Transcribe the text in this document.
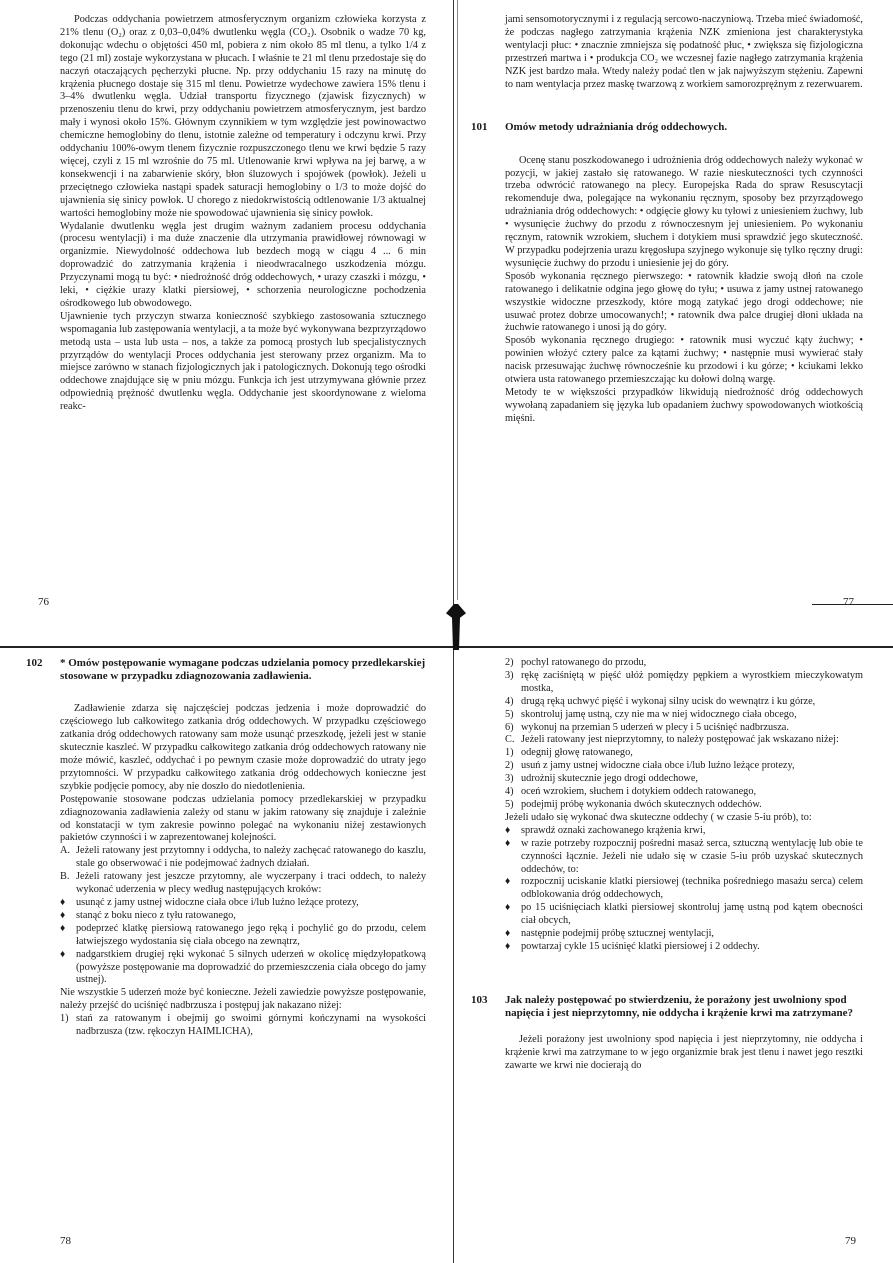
Podczas oddychania powietrzem atmosferycznym organizm człowieka korzysta z 21% tlenu (O₂) oraz z 0,03–0,04% dwutlenku węgla (CO₂). Osobnik o wadze 70 kg, dokonując wdechu o objętości 450 ml, pobiera z nim około 85 ml tlenu, a tylko 1/4 z tego (21 ml) zostaje wykorzystana w płucach. I właśnie te 21 ml tlenu przedostaje się do naczyń otaczających pęcherzyki płucne. Np. przy oddychaniu 15 razy na minutę do krążenia płucnego dostaje się 315 ml tlenu. Powietrze wydechowe zawiera 15% tlenu i 3–4% dwutlenku węgla. Udział transportu fizycznego (zjawisk fizycznych) w przenoszeniu tlenu do krwi, przy oddychaniu powietrzem atmosferycznym, jest bardzo mały i wynosi około 15%. Głównym czynnikiem w tym względzie jest powinowactwo chemiczne hemoglobiny do tlenu, istotnie zależne od temperatury i odczynu krwi. Przy oddychaniu 100%-owym tlenem fizycznie rozpuszczonego tlenu we krwi będzie 5 razy więcej, czyli z 15 ml wzrośnie do 75 ml. Utlenowanie krwi wpływa na jej barwę, a w konsekwencji i na zabarwienie skóry, błon śluzowych i spojówek (powłok). Jeżeli u przeciętnego człowieka nastąpi spadek saturacji hemoglobiny o 1/3 to może dojść do ujawnienia się sinicy powłok. U chorego z niedokrwistością odtlenowanie 1/3 aktualnej wartości hemoglobiny może nie spowodować ujawnienia się sinicy powłok.

Wydalanie dwutlenku węgla jest drugim ważnym zadaniem procesu oddychania (procesu wentylacji) i ma duże znaczenie dla utrzymania prawidłowej równowagi w organizmie. Niewydolność oddechowa lub bezdech mogą w ciągu 4 ... 6 min doprowadzić do zatrzymania krążenia i nieodwracalnego uszkodzenia mózgu. Przyczynami mogą tu być: • niedrożność dróg oddechowych, • urazy czaszki i mózgu, • leki, • ciężkie urazy klatki piersiowej, • schorzenia neurologiczne pochodzenia ośrodkowego lub obwodowego.

Ujawnienie tych przyczyn stwarza konieczność szybkiego zastosowania sztucznego wspomagania lub zastępowania wentylacji, a ta może być wykonywana bezprzyrządowo metodą usta – usta lub usta – nos, a także za pomocą prostych lub specjalistycznych przyrządów do wentylacji Proces oddychania jest sterowany przez organizm. Ma to miejsce zarówno w stanach fizjologicznych jak i patologicznych. Dokonują tego ośrodki oddechowe znajdujące się w pniu mózgu. Funkcja ich jest utrzymywana głównie przez odpowiednią prężność dwutlenku węgla. Oddychanie jest skoordynowane z wieloma reakc-

jami sensomotorycznymi i z regulacją sercowo-naczyniową. Trzeba mieć świadomość, że podczas nagłego zatrzymania krążenia NZK zmieniona jest charakterystyka wentylacji płuc: • znacznie zmniejsza się podatność płuc, • zwiększa się fizjologiczna przestrzeń martwa i • produkcja CO₂ we wczesnej fazie nagłego zatrzymania krążenia NZK jest bardzo mała. Wtedy należy podać tlen w jak najwyższym stężeniu. Zapewni to nam wentylacja przez maskę twarzową z workiem samorozprężnym z rezerwuarem.

101 Omów metody udrażniania dróg oddechowych.

Ocenę stanu poszkodowanego i udrożnienia dróg oddechowych należy wykonać w pozycji, w jakiej zastało się ratowanego. W razie nieskuteczności tych czynności trzeba odwrócić ratowanego na plecy. Europejska Rada do spraw Resuscytacji rekomenduje dwa, polegające na wykonaniu ręcznym, sposoby bez przyrządowego udrażniania dróg oddechowych: • odgięcie głowy ku tyłowi z uniesieniem żuchwy, lub • wysunięcie żuchwy do przodu z równoczesnym jej uniesieniem. Po wykonaniu ręcznym, ratownik wzrokiem, słuchem i dotykiem musi sprawdzić jego skuteczność. W przypadku podejrzenia urazu kręgosłupa szyjnego wykonuje się tylko ręczny drugi: wysunięcie żuchwy do przodu i uniesienie jej do góry.

Sposób wykonania ręcznego pierwszego: • ratownik kładzie swoją dłoń na czole ratowanego i delikatnie odgina jego głowę do tyłu; • usuwa z jamy ustnej ratowanego wszystkie widoczne przeszkody, które mogą zatykać jego drogi oddechowe; nie usuwać protez dobrze umocowanych!; • ratownik dwa palce drugiej dłoni układa na żuchwie ratowanego i unosi ją do góry.

Sposób wykonania ręcznego drugiego: • ratownik musi wyczuć kąty żuchwy; • powinien włożyć cztery palce za kątami żuchwy; • następnie musi wywierać stały nacisk przesuwając żuchwę równocześnie ku przodowi i ku górze; • kciukami lekko otwiera usta ratowanego przemieszczając ku dołowi dolną wargę.

Metody te w większości przypadków likwidują niedrożność dróg oddechowych wywołaną zapadaniem się języka lub opadaniem żuchwy spowodowanych wiotkością mięśni.

102 * Omów postępowanie wymagane podczas udzielania pomocy przedlekarskiej stosowane w przypadku zdiagnozowania zadławienia.

Zadławienie zdarza się najczęściej podczas jedzenia i może doprowadzić do częściowego lub całkowitego zatkania dróg oddechowych. W przypadku częściowego zatkania dróg oddechowych ratowany sam może usunąć przeszkodę, jeżeli jest w stanie skutecznie kaszleć. W przypadku całkowitego zatkania dróg oddechowych ratowany nie może mówić, kaszleć, oddychać i po pewnym czasie może doprowadzić do utraty jego przytomności. W przypadku całkowitego zatkania dróg oddechowych konieczne jest szybkie podjęcie pomocy, aby nie doszło do niedotlenienia.

Postępowanie stosowane podczas udzielania pomocy przedlekarskiej w przypadku zdiagnozowania zadławienia zależy od stanu w jakim ratowany się znajduje i zależnie od konstatacji w tym zakresie powinno polegać na wykonaniu niżej zestawionych pakietów czynności i w zaprezentowanej kolejności.

A. Jeżeli ratowany jest przytomny i oddycha, to należy zachęcać ratowanego do kaszlu, stale go obserwować i nie podejmować żadnych działań.
B. Jeżeli ratowany jest jeszcze przytomny, ale wyczerpany i traci oddech, to należy wykonać uderzenia w plecy według następujących kroków:
♦ usunąć z jamy ustnej widoczne ciała obce i/lub luźno leżące protezy,
♦ stanąć z boku nieco z tyłu ratowanego,
♦ podeprzeć klatkę piersiową ratowanego jego ręką i pochylić go do przodu, celem łatwiejszego wydostania się ciała obcego na zewnątrz,
♦ nadgarstkiem drugiej ręki wykonać 5 silnych uderzeń w okolicę międzyłopatkową (powyższe postępowanie ma doprowadzić do przemieszczenia ciała obcego do jamy ustnej).

Nie wszystkie 5 uderzeń może być konieczne. Jeżeli zawiedzie powyższe postępowanie, należy przejść do uciśnięć nadbrzusza i postępuj jak nakazano niżej:

1) stań za ratowanym i obejmij go swoimi górnymi kończynami na wysokości nadbrzusza (tzw. rękoczyn HAIMLICHA),
2) pochyl ratowanego do przodu,
3) rękę zaciśniętą w pięść ułóż pomiędzy pępkiem a wyrostkiem mieczykowatym mostka,
4) drugą ręką uchwyć pięść i wykonaj silny ucisk do wewnątrz i ku górze,
5) skontroluj jamę ustną, czy nie ma w niej widocznego ciała obcego,
6) wykonuj na przemian 5 uderzeń w plecy i 5 uciśnięć nadbrzusza.
C. Jeżeli ratowany jest nieprzytomny, to należy postępować jak wskazano niżej:
1) odegnij głowę ratowanego,
2) usuń z jamy ustnej widoczne ciała obce i/lub luźno leżące protezy,
3) udrożnij skutecznie jego drogi oddechowe,
4) oceń wzrokiem, słuchem i dotykiem oddech ratowanego,
5) podejmij próbę wykonania dwóch skutecznych oddechów.

Jeżeli udało się wykonać dwa skuteczne oddechy ( w czasie 5-iu prób), to:

♦ sprawdź oznaki zachowanego krążenia krwi,
♦ w razie potrzeby rozpocznij pośredni masaż serca, sztuczną wentylację lub obie te czynności łącznie. Jeżeli nie udało się w czasie 5-iu prób uzyskać skutecznych oddechów, to:
♦ rozpocznij uciskanie klatki piersiowej (technika pośredniego masażu serca) celem odblokowania dróg oddechowych,
♦ po 15 uciśnięciach klatki piersiowej skontroluj jamę ustną pod kątem obecności ciał obcych,
♦ następnie podejmij próbę sztucznej wentylacji,
♦ powtarzaj cykle 15 uciśnięć klatki piersiowej i 2 oddechy.
103 Jak należy postępować po stwierdzeniu, że porażony jest uwolniony spod napięcia i jest nieprzytomny, nie oddycha i krążenie krwi ma zatrzymane?

Jeżeli porażony jest uwolniony spod napięcia i jest nieprzytomny, nie oddycha i krążenie krwi ma zatrzymane to w jego organizmie brak jest tlenu i nawet jego resztki zawarte we krwi nie docierają do

76	77
78	79
